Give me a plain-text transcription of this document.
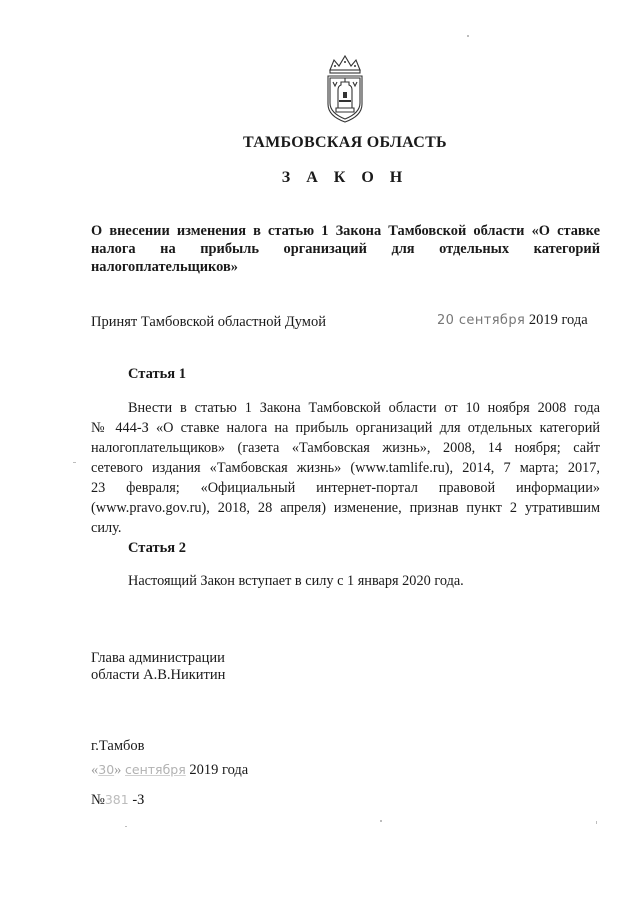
ТАМБОВСКАЯ ОБЛАСТЬ
З А К О Н
О внесении изменения в статью 1 Закона Тамбовской области «О ставке
налога на прибыль организаций для отдельных категорий
налогоплательщиков»
Принят Тамбовской областной Думой	20 сентября 2019 года
Статья 1
Внести в статью 1 Закона Тамбовской области от 10 ноября 2008 года
№ 444-З «О ставке налога на прибыль организаций для отдельных категорий
налогоплательщиков» (газета «Тамбовская жизнь», 2008, 14 ноября; сайт
сетевого издания «Тамбовская жизнь» (www.tamlife.ru), 2014, 7 марта; 2017,
23 февраля; «Официальный интернет-портал правовой информации»
(www.pravo.gov.ru), 2018, 28 апреля) изменение, признав пункт 2 утратившим
силу.
Статья 2
Настоящий Закон вступает в силу с 1 января 2020 года.
Глава администрации
области А.В.Никитин
г.Тамбов
«30» сентября 2019 года
№381 -З
